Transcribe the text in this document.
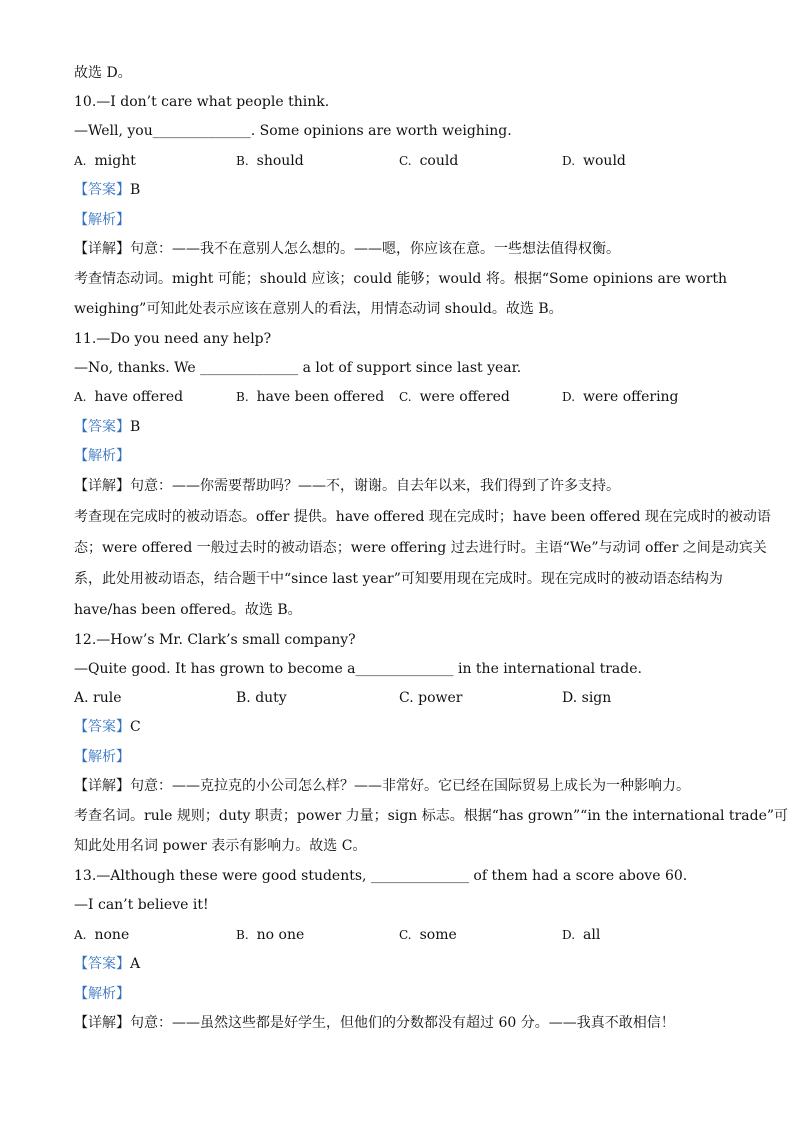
故选 D。
10.—I don’t care what people think.
—Well, you______________. Some opinions are worth weighing.
A. might	B. should	C. could	D. would
【答案】B
【解析】
【详解】句意：——我不在意别人怎么想的。——嗯，你应该在意。一些想法值得权衡。
考查情态动词。might 可能；should 应该；could 能够；would 将。根据“Some opinions are worth
weighing”可知此处表示应该在意别人的看法，用情态动词 should。故选 B。
11.—Do you need any help?
—No, thanks. We ______________ a lot of support since last year.
A. have offered	B. have been offered C. were offered	D. were offering
【答案】B
【解析】
【详解】句意：——你需要帮助吗？——不，谢谢。自去年以来，我们得到了许多支持。
考查现在完成时的被动语态。offer 提供。have offered 现在完成时；have been offered 现在完成时的被动语
态；were offered 一般过去时的被动语态；were offering 过去进行时。主语“We”与动词 offer 之间是动宾关
系，此处用被动语态，结合题干中“since last year”可知要用现在完成时。现在完成时的被动语态结构为
have/has been offered。故选 B。
12.—How’s Mr. Clark’s small company?
—Quite good. It has grown to become a______________ in the international trade.
A. rule	B. duty	C. power	D. sign
【答案】C
【解析】
【详解】句意：——克拉克的小公司怎么样？——非常好。它已经在国际贸易上成长为一种影响力。
考查名词。rule 规则；duty 职责；power 力量；sign 标志。根据“has grown”“in the international trade”可
知此处用名词 power 表示有影响力。故选 C。
13.—Although these were good students, ______________ of them had a score above 60.
—I can’t believe it!
A. none	B. no one	C. some	D. all
【答案】A
【解析】
【详解】句意：——虽然这些都是好学生，但他们的分数都没有超过 60 分。——我真不敢相信！
